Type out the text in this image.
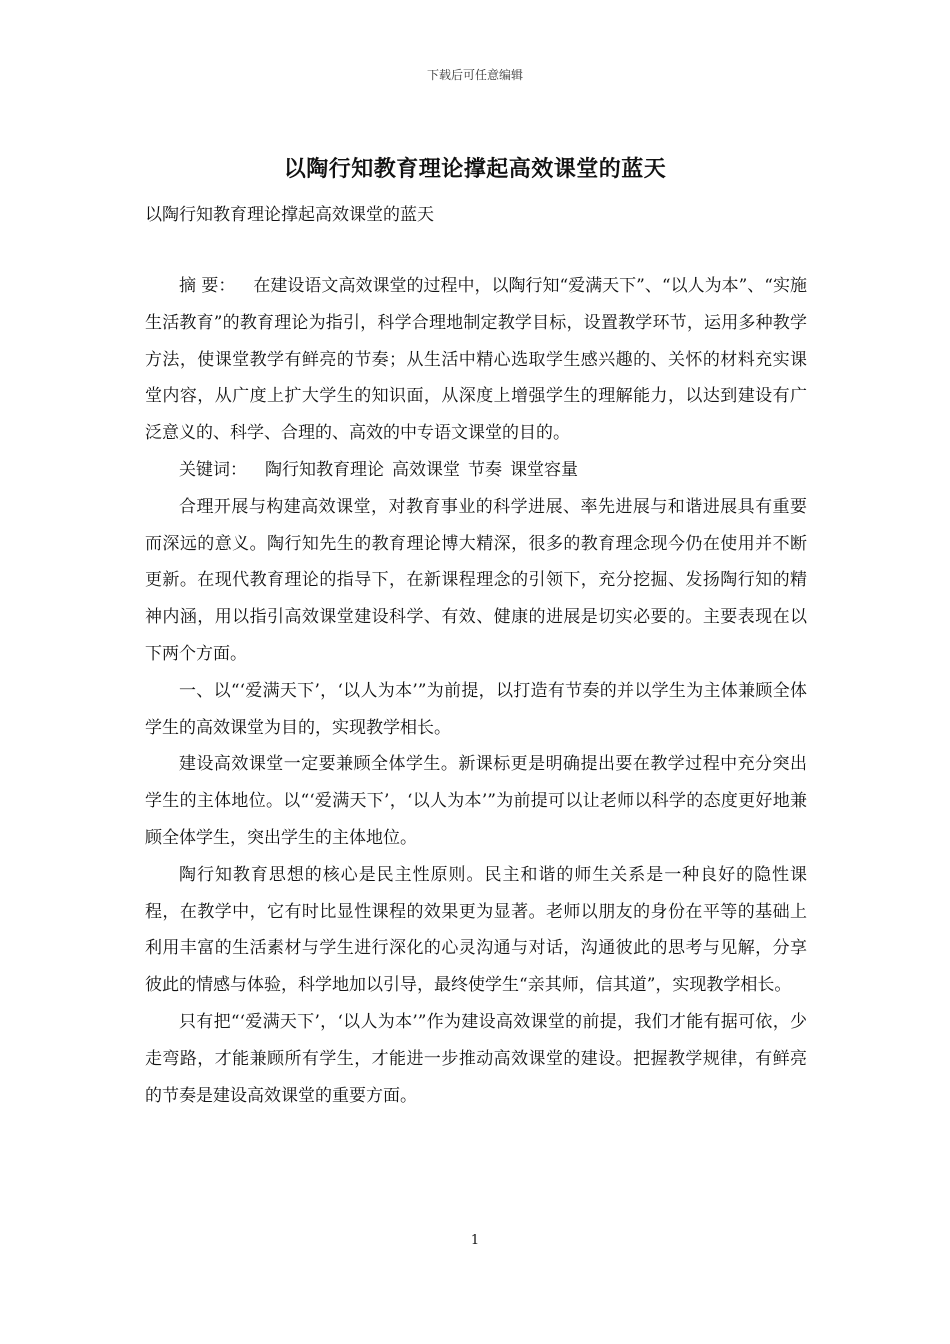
下载后可任意编辑
以陶行知教育理论撑起高效课堂的蓝天
以陶行知教育理论撑起高效课堂的蓝天

摘 要： 在建设语文高效课堂的过程中，以陶行知“爱满天下”、“以人为本”、“实施生活教育”的教育理论为指引，科学合理地制定教学目标，设置教学环节，运用多种教学方法，使课堂教学有鲜亮的节奏；从生活中精心选取学生感兴趣的、关怀的材料充实课堂内容，从广度上扩大学生的知识面，从深度上增强学生的理解能力，以达到建设有广泛意义的、科学、合理的、高效的中专语文课堂的目的。

关键词： 陶行知教育理论 高效课堂 节奏 课堂容量

合理开展与构建高效课堂，对教育事业的科学进展、率先进展与和谐进展具有重要而深远的意义。陶行知先生的教育理论博大精深，很多的教育理念现今仍在使用并不断更新。在现代教育理论的指导下，在新课程理念的引领下，充分挖掘、发扬陶行知的精神内涵，用以指引高效课堂建设科学、有效、健康的进展是切实必要的。主要表现在以下两个方面。

一、以“‘爱满天下’，‘以人为本’”为前提，以打造有节奏的并以学生为主体兼顾全体学生的高效课堂为目的，实现教学相长。

建设高效课堂一定要兼顾全体学生。新课标更是明确提出要在教学过程中充分突出学生的主体地位。以“‘爱满天下’，‘以人为本’”为前提可以让老师以科学的态度更好地兼顾全体学生，突出学生的主体地位。

陶行知教育思想的核心是民主性原则。民主和谐的师生关系是一种良好的隐性课程，在教学中，它有时比显性课程的效果更为显著。老师以朋友的身份在平等的基础上利用丰富的生活素材与学生进行深化的心灵沟通与对话，沟通彼此的思考与见解，分享彼此的情感与体验，科学地加以引导，最终使学生“亲其师，信其道”，实现教学相长。

只有把“‘爱满天下’，‘以人为本’”作为建设高效课堂的前提，我们才能有据可依，少走弯路，才能兼顾所有学生，才能进一步推动高效课堂的建设。把握教学规律，有鲜亮的节奏是建设高效课堂的重要方面。

1
